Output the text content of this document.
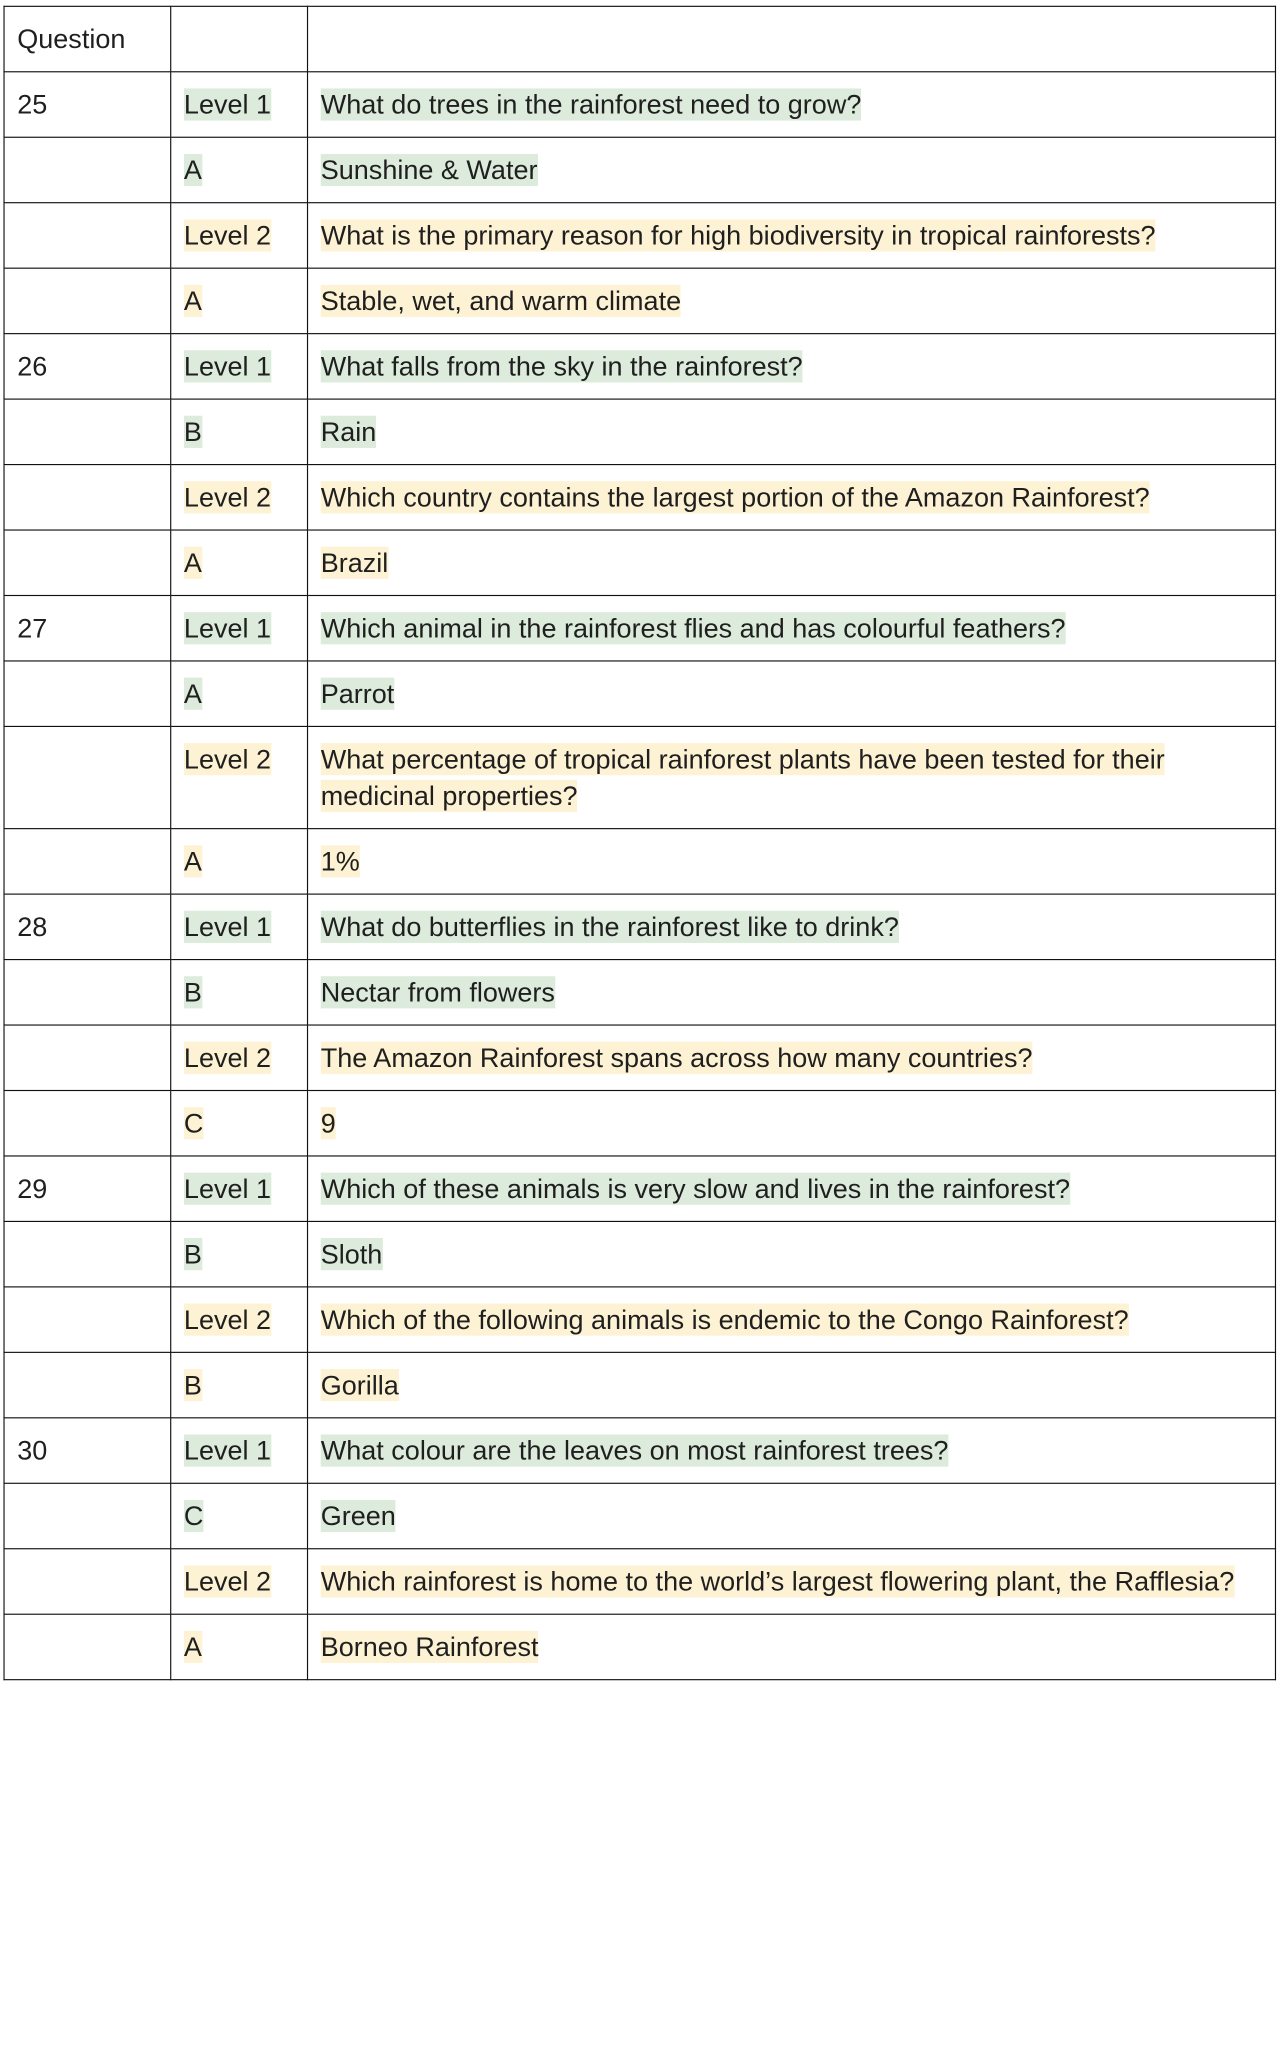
Question		
25	Level 1	What do trees in the rainforest need to grow?
	A	Sunshine & Water
	Level 2	What is the primary reason for high biodiversity in tropical rainforests?
	A	Stable, wet, and warm climate
26	Level 1	What falls from the sky in the rainforest?
	B	Rain
	Level 2	Which country contains the largest portion of the Amazon Rainforest?
	A	Brazil
27	Level 1	Which animal in the rainforest flies and has colourful feathers?
	A	Parrot
	Level 2	What percentage of tropical rainforest plants have been tested for their medicinal properties?
	A	1%
28	Level 1	What do butterflies in the rainforest like to drink?
	B	Nectar from flowers
	Level 2	The Amazon Rainforest spans across how many countries?
	C	9
29	Level 1	Which of these animals is very slow and lives in the rainforest?
	B	Sloth
	Level 2	Which of the following animals is endemic to the Congo Rainforest?
	B	Gorilla
30	Level 1	What colour are the leaves on most rainforest trees?
	C	Green
	Level 2	Which rainforest is home to the world’s largest flowering plant, the Rafflesia?
	A	Borneo Rainforest
